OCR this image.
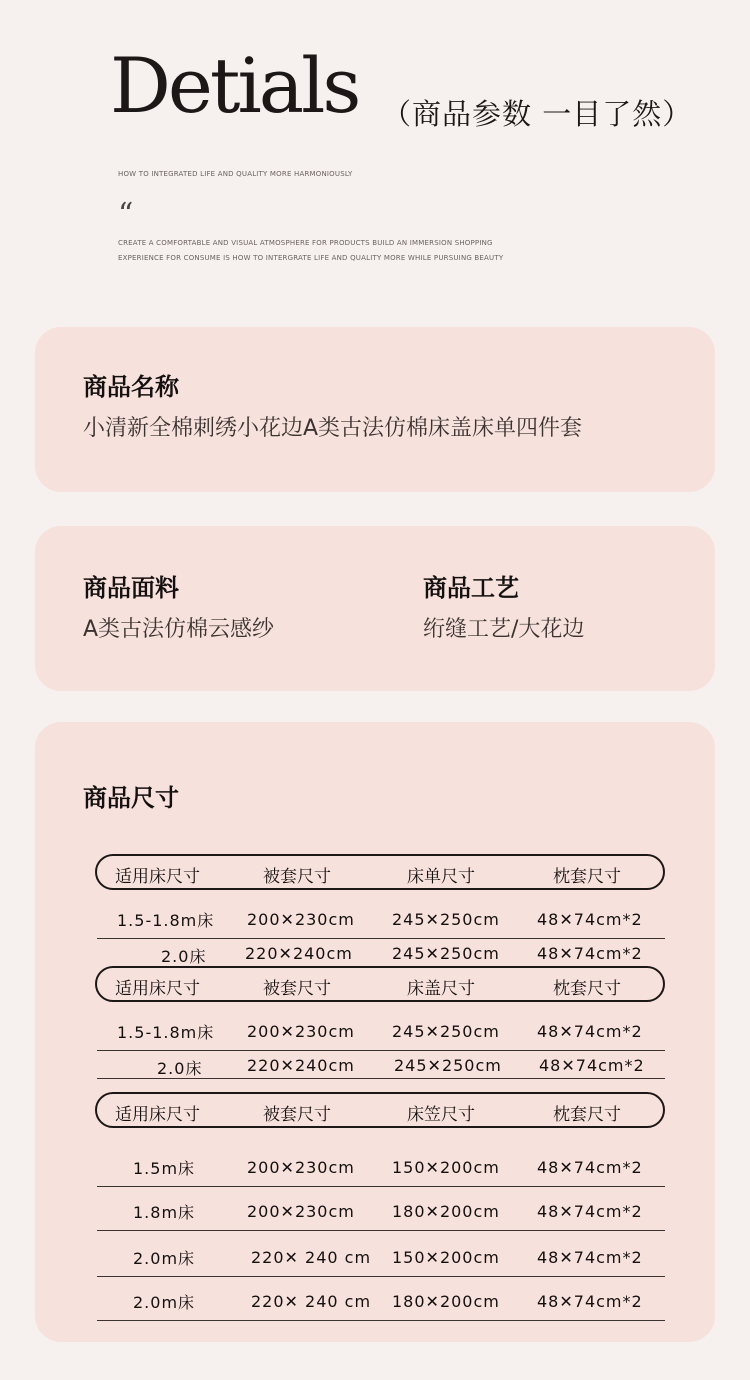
Detials （商品参数 一目了然）
HOW TO INTEGRATED LIFE AND QUALITY MORE HARMONIOUSLY
“
CREATE A COMFORTABLE AND VISUAL ATMOSPHERE FOR PRODUCTS BUILD AN IMMERSION SHOPPING EXPERIENCE FOR CONSUME IS HOW TO INTERGRATE LIFE AND QUALITY MORE WHILE PURSUING BEAUTY
商品名称
小清新全棉刺绣小花边A类古法仿棉床盖床单四件套
商品面料
A类古法仿棉云感纱
商品工艺
绗缝工艺/大花边
商品尺寸
适用床尺寸	被套尺寸	床单尺寸	枕套尺寸
1.5-1.8m床 200✕230cm 245✕250cm 48✕74cm*2
2.0床 220✕240cm 245✕250cm 48✕74cm*2
适用床尺寸	被套尺寸	床盖尺寸	枕套尺寸
1.5-1.8m床 200✕230cm 245✕250cm 48✕74cm*2
2.0床	220✕240cm 245✕250cm 48✕74cm*2
适用床尺寸	被套尺寸	床笠尺寸	枕套尺寸
1.5m床	200✕230cm 150✕200cm 48✕74cm*2
1.8m床	200✕230cm 180✕200cm 48✕74cm*2
2.0m床	220✕ 240 cm 150✕200cm 48✕74cm*2
2.0m床	220✕ 240 cm 180✕200cm 48✕74cm*2
